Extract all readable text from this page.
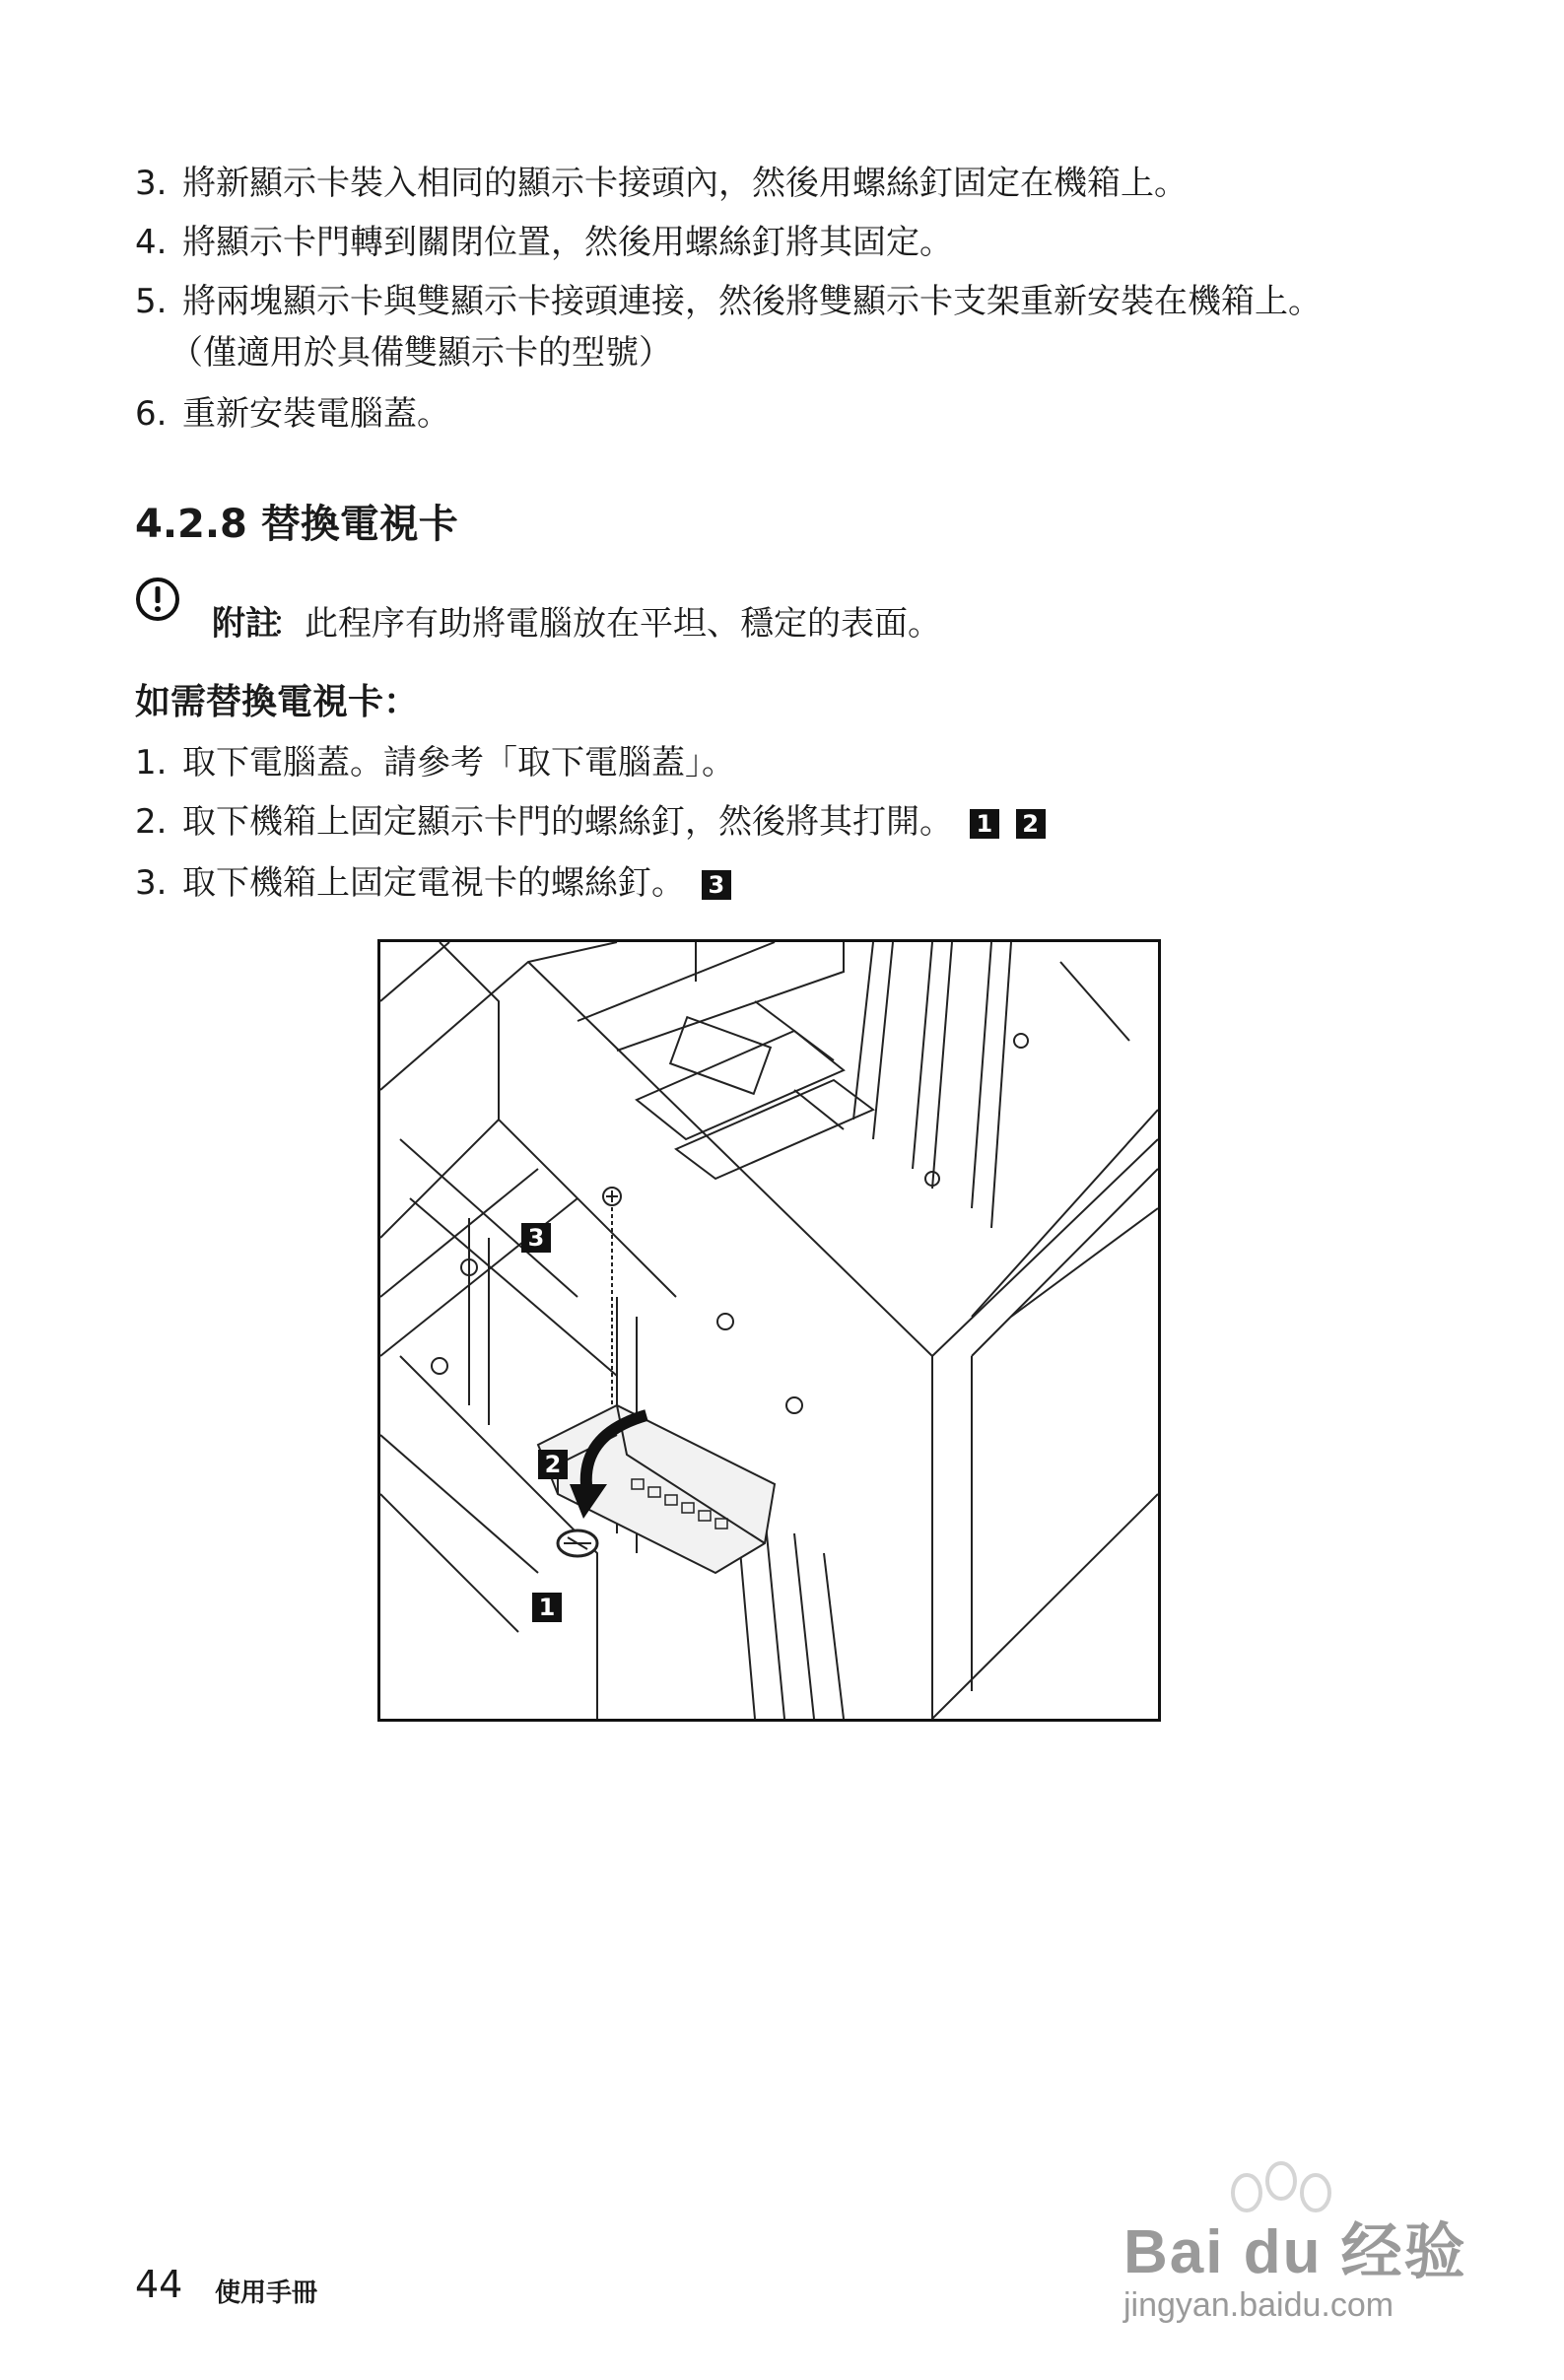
3. 將新顯示卡裝入相同的顯示卡接頭內，然後用螺絲釘固定在機箱上。
4. 將顯示卡門轉到關閉位置，然後用螺絲釘將其固定。
5. 將兩塊顯示卡與雙顯示卡接頭連接，然後將雙顯示卡支架重新安裝在機箱上。
（僅適用於具備雙顯示卡的型號）
6. 重新安裝電腦蓋。
4.2.8 替換電視卡
附註
：此程序有助將電腦放在平坦、穩定的表面。
如需替換電視卡：
1. 取下電腦蓋。請參考「取下電腦蓋」。
2. 取下機箱上固定顯示卡門的螺絲釘，然後將其打開。 1 2
3. 取下機箱上固定電視卡的螺絲釘。 3
3
2
1
44 使用手冊
Bai du 经验
jingyan.baidu.com
